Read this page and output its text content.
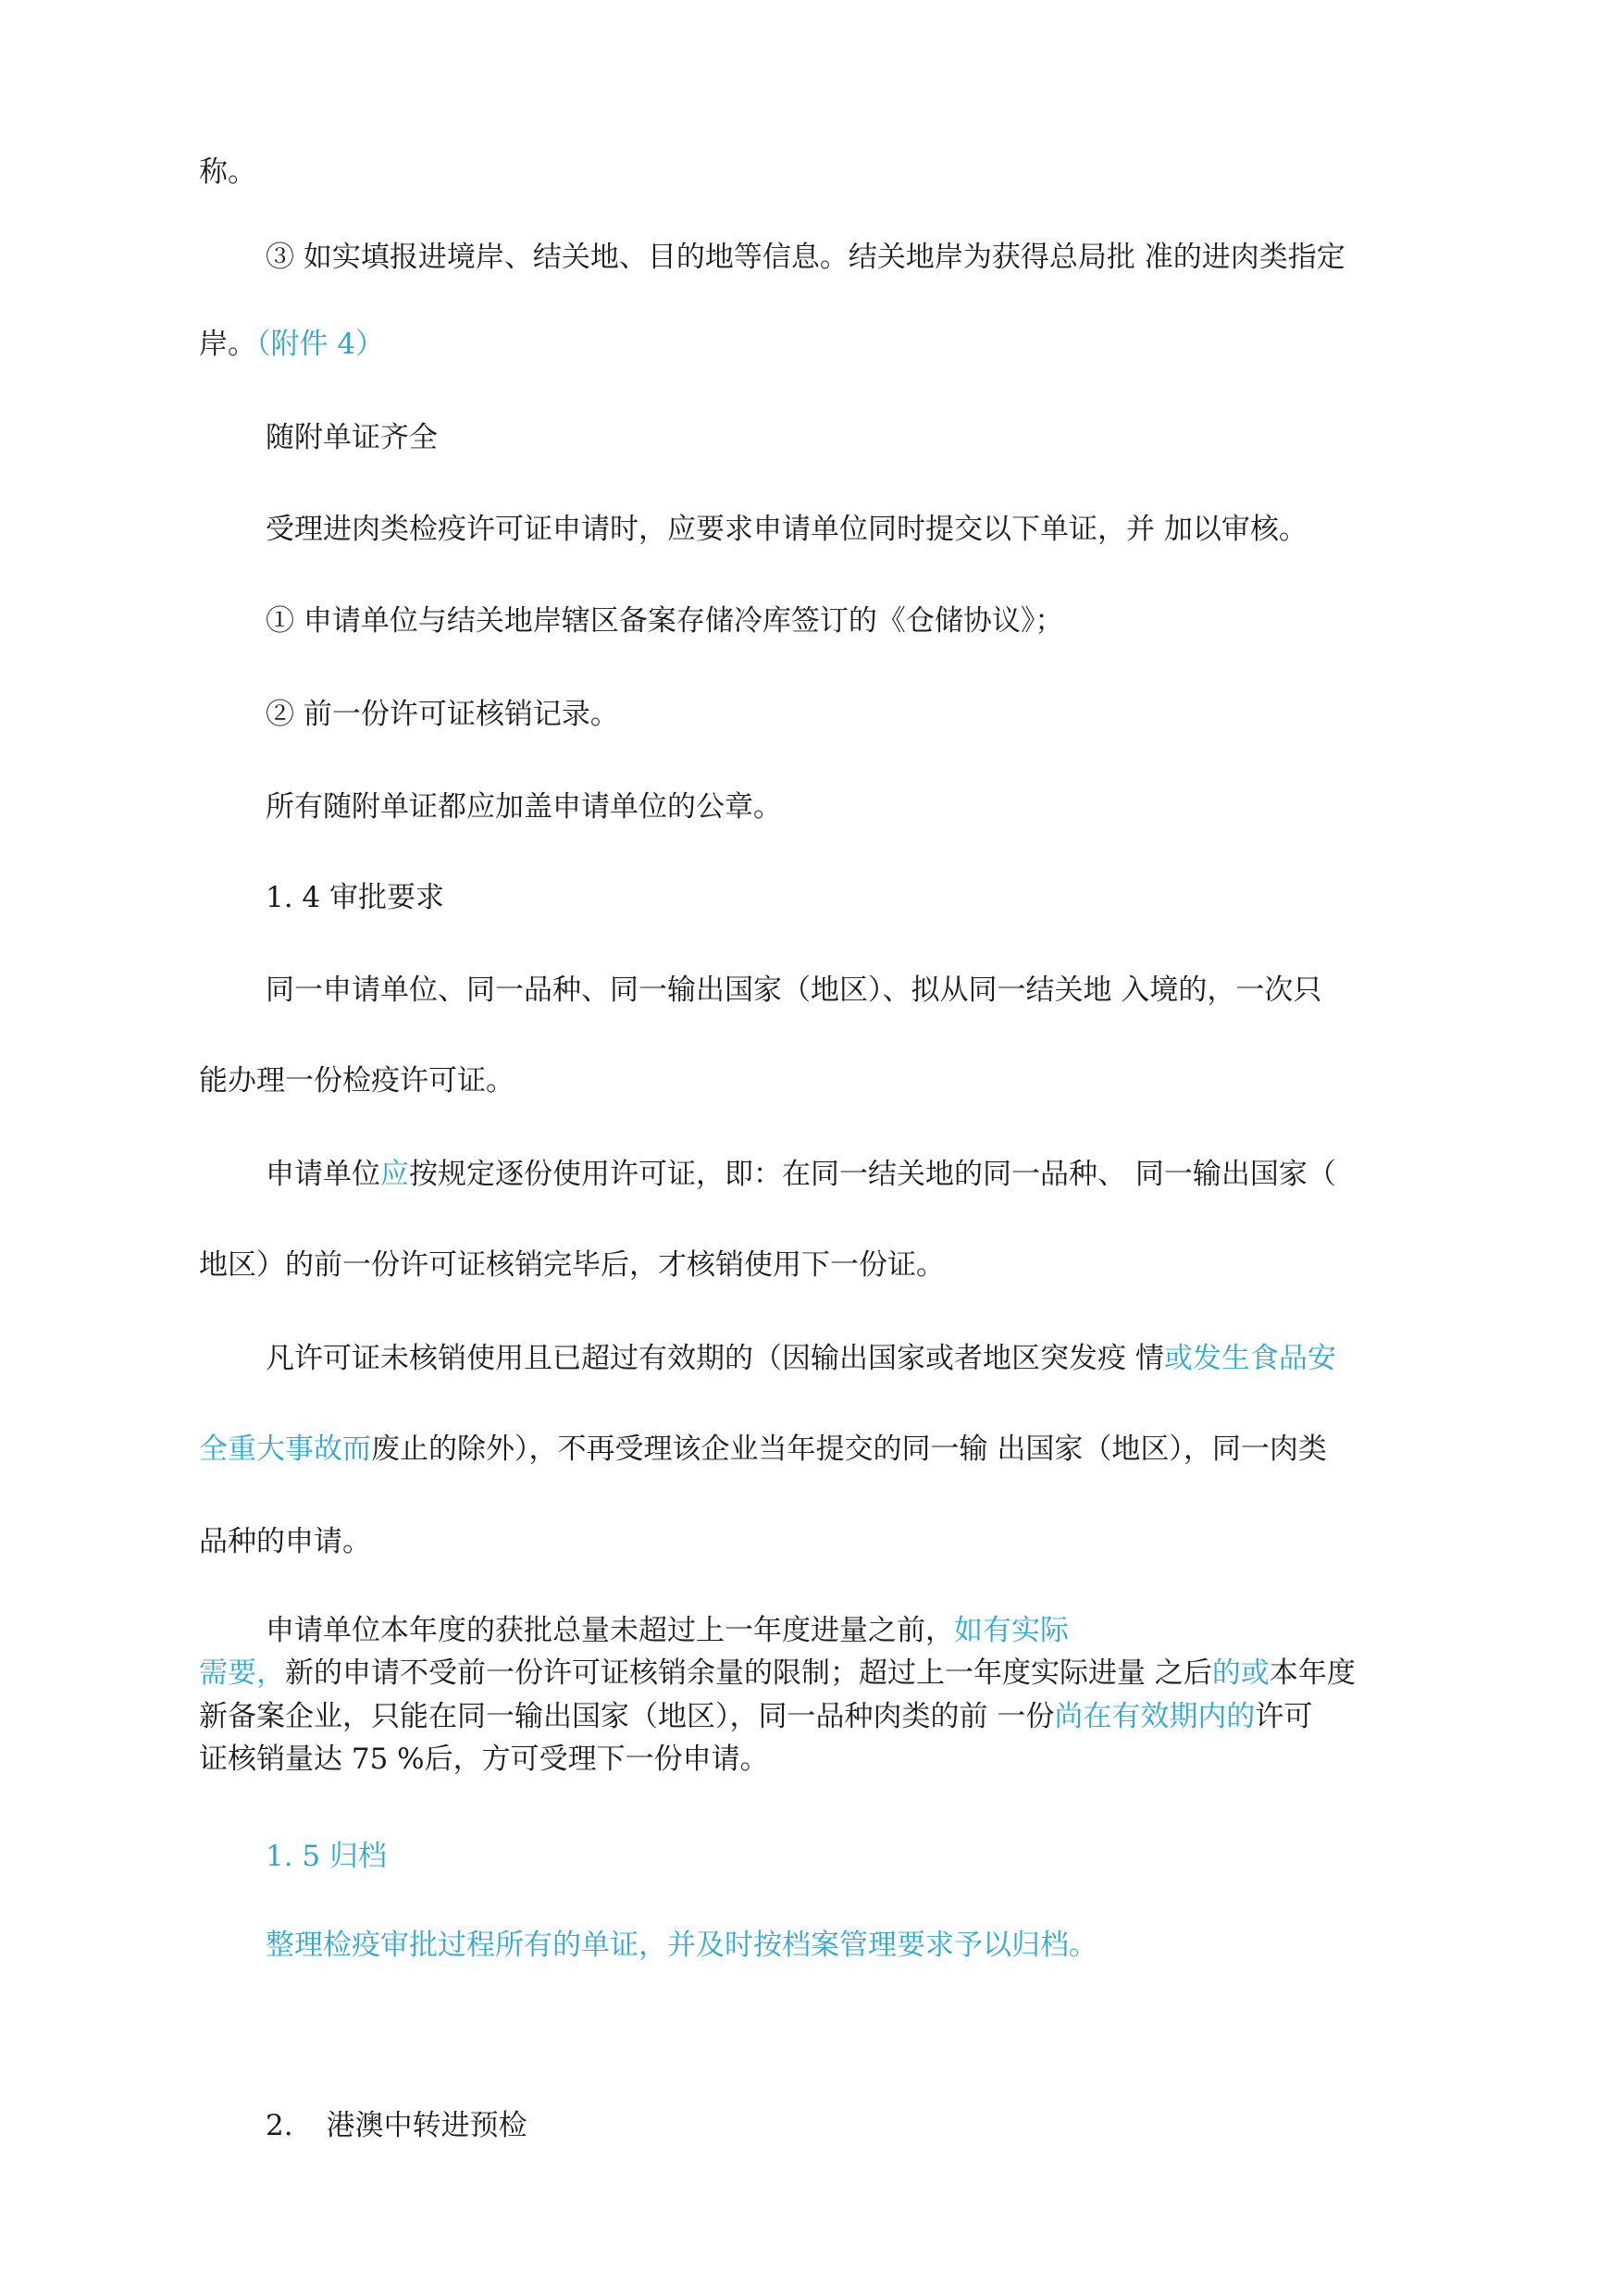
称。
③ 如实填报进境岸、结关地、目的地等信息。结关地岸为获得总局批 准的进肉类指定
岸。（附件 4）
随附单证齐全
受理进肉类检疫许可证申请时，应要求申请单位同时提交以下单证，并 加以审核。
① 申请单位与结关地岸辖区备案存储冷库签订的《仓储协议》；
② 前一份许可证核销记录。
所有随附单证都应加盖申请单位的公章。
1. 4 审批要求
同一申请单位、同一品种、同一输出国家（地区）、拟从同一结关地 入境的，一次只
能办理一份检疫许可证。
申请单位应按规定逐份使用许可证，即：在同一结关地的同一品种、 同一输出国家（
地区）的前一份许可证核销完毕后，才核销使用下一份证。
凡许可证未核销使用且已超过有效期的（因输出国家或者地区突发疫 情或发生食品安
全重大事故而废止的除外），不再受理该企业当年提交的同一输 出国家（地区），同一肉类
品种的申请。
申请单位本年度的获批总量未超过上一年度进量之前，如有实际
需要，新的申请不受前一份许可证核销余量的限制；超过上一年度实际进量 之后的或本年度
新备案企业，只能在同一输出国家（地区），同一品种肉类的前 一份尚在有效期内的许可
证核销量达 75 %后，方可受理下一份申请。
1. 5 归档
整理检疫审批过程所有的单证，并及时按档案管理要求予以归档。
2. 港澳中转进预检
